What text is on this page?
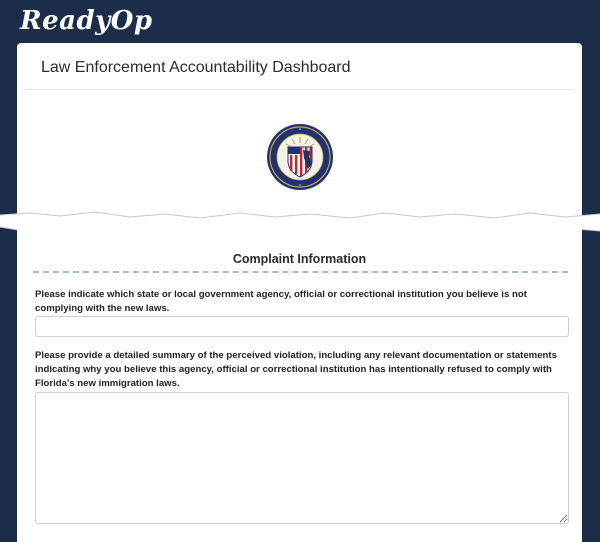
ReadyOp
Law Enforcement Accountability Dashboard
Complaint Information
Please indicate which state or local government agency, official or correctional institution you believe is not complying with the new laws.
Please provide a detailed summary of the perceived violation, including any relevant documentation or statements indicating why you believe this agency, official or correctional institution has intentionally refused to comply with Florida's new immigration laws.
